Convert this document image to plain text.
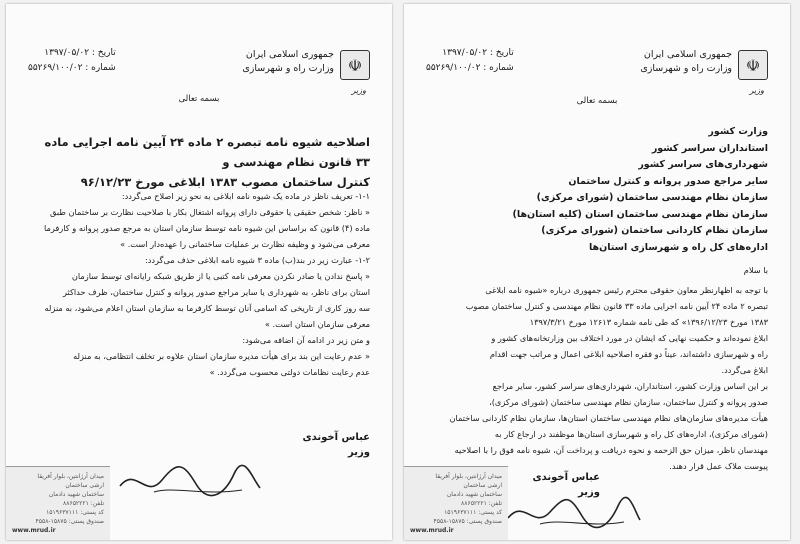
☫
جمهوری اسلامی ایران
وزارت راه و شهرسازی
وزیر
تاریخ : ۱۳۹۷/۰۵/۰۲
شماره : ۵۵۲۶۹/۱۰۰/۰۲
بسمه تعالی
اصلاحیه شیوه نامه تبصره ۲ ماده ۲۴ آیین نامه اجرایی ماده ۳۳ قانون نظام مهندسی و
کنترل ساختمان مصوب ۱۳۸۳ ابلاغی مورخ ۹۶/۱۲/۲۳
۱-۱- تعریف ناظر در ماده یک شیوه نامه ابلاغی به نحو زیر اصلاح می‌گردد:
« ناظر: شخص حقیقی یا حقوقی دارای پروانه اشتغال بکار با صلاحیت نظارت بر ساختمان طبق
ماده (۴) قانون که براساس این شیوه نامه توسط سازمان استان به مرجع صدور پروانه و کارفرما
معرفی می‌شود و وظیفه نظارت بر عملیات ساختمانی را عهده‌دار است. »
۱-۲- عبارت زیر در بند(ب) ماده ۳ شیوه نامه ابلاغی حذف می‌گردد:
« پاسخ ندادن یا صادر نکردن معرفی نامه کتبی یا از طریق شبکه رایانه‌ای توسط سازمان
استان برای ناظر، به شهرداری یا سایر مراجع صدور پروانه و کنترل ساختمان، ظرف حداکثر
سه روز کاری از تاریخی که اسامی آنان توسط کارفرما به سازمان استان اعلام می‌شود، به منزله
معرفی سازمان استان است. »
و متن زیر در ادامه آن اضافه می‌شود:
« عدم رعایت این بند برای هیأت مدیره سازمان استان علاوه بر تخلف انتظامی، به منزله
عدم رعایت نظامات دولتی محسوب می‌گردد. »
عباس آخوندی
وزیر
میدان آرژانتین، بلوار آفریقا
ارشی ساختمان
ساختمان شهید دادمان
تلفن: ۸۸۶۵۲۲۲۱
کد پستی: ۱۵۱۹۶۳۷۱۱۱
صندوق پستی: ۱۵۸۷۵-۴۵۵۸
www.mrud.ir
☫
جمهوری اسلامی ایران
وزارت راه و شهرسازی
وزیر
تاریخ : ۱۳۹۷/۰۵/۰۲
شماره : ۵۵۲۶۹/۱۰۰/۰۲
بسمه تعالی
وزارت کشور
استانداران سراسر کشور
شهرداری‌های سراسر کشور
سایر مراجع صدور پروانه و کنترل ساختمان
سازمان نظام مهندسی ساختمان (شورای مرکزی)
سازمان نظام مهندسی ساختمان استان (کلیه استان‌ها)
سازمان نظام کاردانی ساختمان (شورای مرکزی)
اداره‌های کل راه و شهرسازی استان‌ها
با سلام
با توجه به اظهارنظر معاون حقوقی محترم رئیس جمهوری درباره «شیوه نامه ابلاغی
تبصره ۲ ماده ۲۴ آیین نامه اجرایی ماده ۳۳ قانون نظام مهندسی و کنترل ساختمان مصوب
۱۳۸۳ مورخ ۱۳۹۶/۱۲/۲۳» که طی نامه شماره ۱۲۶۱۳ مورخ ۱۳۹۷/۳/۲۱
ابلاغ نموده‌اند و حکمیت نهایی که ایشان در مورد اختلاف بین وزارتخانه‌های کشور و
راه و شهرسازی داشته‌اند، عیناً دو فقره اصلاحیه ابلاغی اعمال و مراتب جهت اقدام
ابلاغ می‌گردد.
بر این اساس وزارت کشور، استانداران، شهرداری‌های سراسر کشور، سایر مراجع
صدور پروانه و کنترل ساختمان، سازمان نظام مهندسی ساختمان (شورای مرکزی)،
هیأت مدیره‌های سازمان‌های نظام مهندسی ساختمان استان‌ها، سازمان نظام کاردانی ساختمان
(شورای مرکزی)، اداره‌های کل راه و شهرسازی استان‌ها موظفند در ارجاع کار به
مهندسان ناظر، میزان حق الزحمه و نحوه دریافت و پرداخت آن، شیوه نامه فوق را با اصلاحیه
پیوست ملاک عمل قرار دهند.
عباس آخوندی
وزیر
میدان آرژانتین، بلوار آفریقا
ارشی ساختمان
ساختمان شهید دادمان
تلفن: ۸۸۶۵۲۲۲۱
کد پستی: ۱۵۱۹۶۳۷۱۱۱
صندوق پستی: ۱۵۸۷۵-۴۵۵۸
www.mrud.ir
